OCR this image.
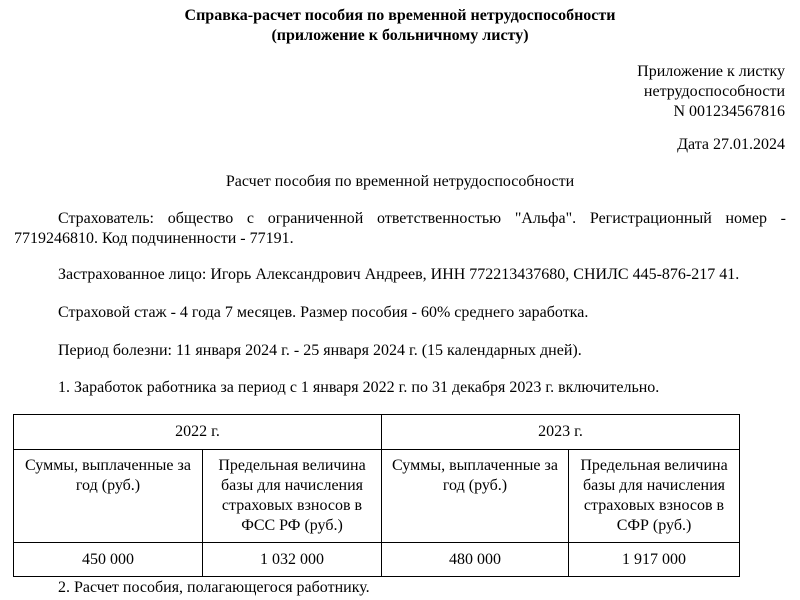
Справка-расчет пособия по временной нетрудоспособности
(приложение к больничному листу)
Приложение к листку
нетрудоспособности
N 001234567816
Дата 27.01.2024
Расчет пособия по временной нетрудоспособности
Страхователь: общество с ограниченной ответственностью "Альфа". Регистрационный номер - 7719246810. Код подчиненности - 77191.
Застрахованное лицо: Игорь Александрович Андреев, ИНН 772213437680, СНИЛС 445-876-217 41.
Страховой стаж - 4 года 7 месяцев. Размер пособия - 60% среднего заработка.
Период болезни: 11 января 2024 г. - 25 января 2024 г. (15 календарных дней).
1. Заработок работника за период с 1 января 2022 г. по 31 декабря 2023 г. включительно.
2022 г.		2023 г.	
Суммы, выплаченные за год (руб.)	Предельная величина базы для начисления страховых взносов в ФСС РФ (руб.)	Суммы, выплаченные за год (руб.)	Предельная величина базы для начисления страховых взносов в СФР (руб.)
450 000	1 032 000	480 000	1 917 000
2. Расчет пособия, полагающегося работнику.
